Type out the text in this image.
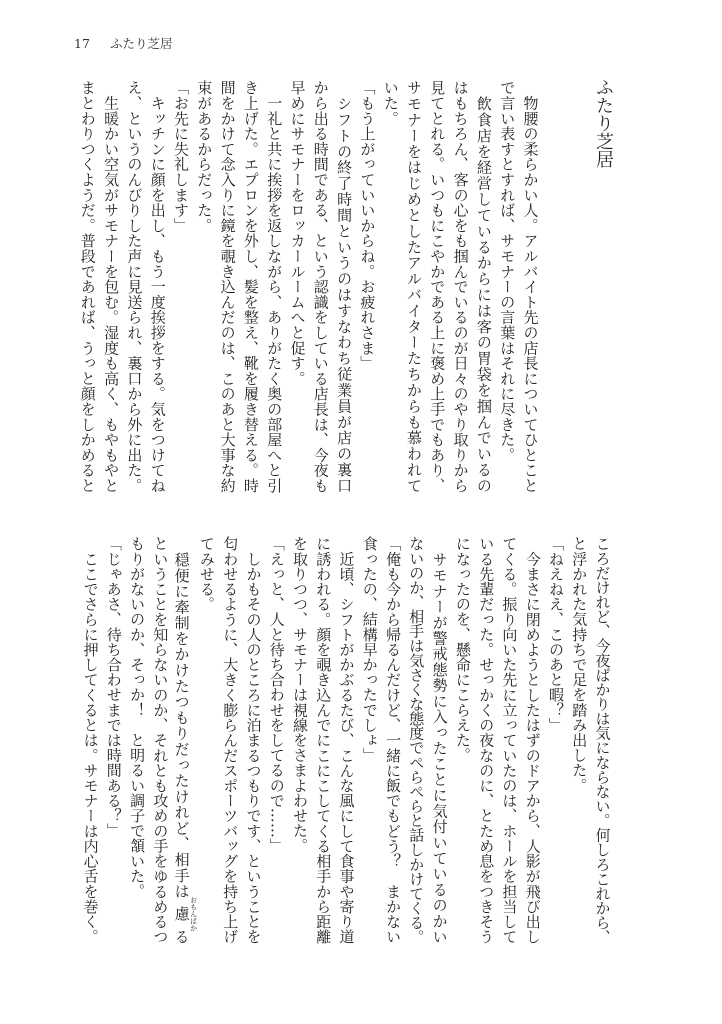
17	ふたり芝居
ふたり芝居
　物腰の柔らかい人。アルバイト先の店長についてひとこと
で言い表すとすれば、サモナーの言葉はそれに尽きた。
　飲食店を経営しているからには客の胃袋を掴んでいるの
はもちろん、客の心をも掴んでいるのが日々のやり取りから
見てとれる。いつもにこやかである上に褒め上手でもあり、
サモナーをはじめとしたアルバイターたちからも慕われて
いた。
「もう上がっていいからね。お疲れさま」
　シフトの終了時間というのはすなわち従業員が店の裏口
から出る時間である、という認識をしている店長は、今夜も
早めにサモナーをロッカールームへと促す。
　一礼と共に挨拶を返しながら、ありがたく奥の部屋へと引
き上げた。エプロンを外し、髪を整え、靴を履き替える。時
間をかけて念入りに鏡を覗き込んだのは、このあと大事な約
束があるからだった。
「お先に失礼します」
　キッチンに顔を出し、もう一度挨拶をする。気をつけてね
え、というのんびりした声に見送られ、裏口から外に出た。
　生暖かい空気がサモナーを包む。湿度も高く、もやもやと
まとわりつくようだ。普段であれば、うっと顔をしかめると
ころだけれど、今夜ばかりは気にならない。何しろこれから、
と浮かれた気持ちで足を踏み出した。
「ねえねえ、このあと暇？」
　今まさに閉めようとしたはずのドアから、人影が飛び出し
てくる。振り向いた先に立っていたのは、ホールを担当して
いる先輩だった。せっかくの夜なのに、とため息をつきそう
になったのを、懸命にこらえた。
　サモナーが警戒態勢に入ったことに気付いているのかい
ないのか、相手は気さくな態度でぺらぺらと話しかけてくる。
「俺も今から帰るんだけど、一緒に飯でもどう？　まかない
食ったの、結構早かったでしょ」
　近頃、シフトがかぶるたび、こんな風にして食事や寄り道
に誘われる。顔を覗き込んでにこにこしてくる相手から距離
を取りつつ、サモナーは視線をさまよわせた。
「えっと、人と待ち合わせをしてるので……」
　しかもその人のところに泊まるつもりです、ということを
匂わせるように、大きく膨らんだスポーツバッグを持ち上げ
てみせる。
　穏便に牽制をかけたつもりだったけれど、相手は慮 おもんぱかる
ということを知らないのか、それとも攻めの手をゆるめるつ
もりがないのか、そっか！　と明るい調子で頷いた。
「じゃあさ、待ち合わせまでは時間ある？」
　ここでさらに押してくるとは。サモナーは内心舌を巻く。
